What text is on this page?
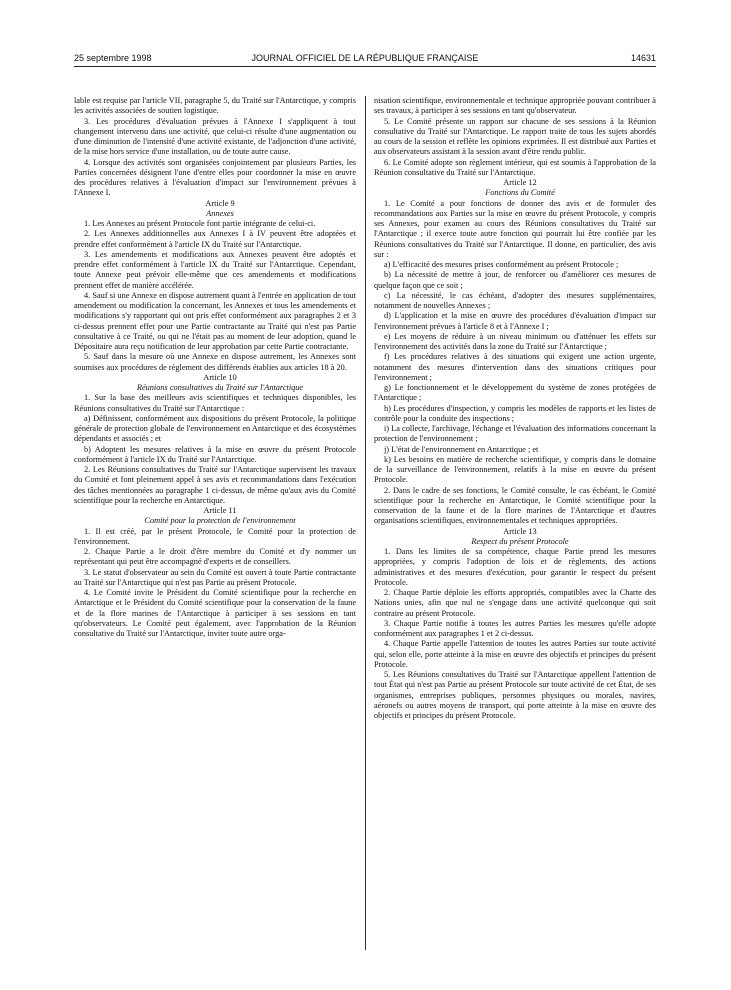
25 septembre 1998	JOURNAL OFFICIEL DE LA RÉPUBLIQUE FRANÇAISE	14631

lable est requise par l'article VII, paragraphe 5, du Traité sur l'Antarctique, y compris les activités associées de soutien logistique.

3. Les procédures d'évaluation prévues à l'Annexe I s'appliquent à tout changement intervenu dans une activité, que celui-ci résulte d'une augmentation ou d'une diminution de l'intensité d'une activité existante, de l'adjonction d'une activité, de la mise hors service d'une installation, ou de toute autre cause.

4. Lorsque des activités sont organisées conjointement par plusieurs Parties, les Parties concernées désignent l'une d'entre elles pour coordonner la mise en œuvre des procédures relatives à l'évaluation d'impact sur l'environnement prévues à l'Annexe I.

Article 9

Annexes

1. Les Annexes au présent Protocole font partie intégrante de celui-ci.

2. Les Annexes additionnelles aux Annexes I à IV peuvent être adoptées et prendre effet conformément à l'article IX du Traité sur l'Antarctique.

3. Les amendements et modifications aux Annexes peuvent être adoptés et prendre effet conformément à l'article IX du Traité sur l'Antarctique. Cependant, toute Annexe peut prévoir elle-même que ces amendements et modifications prennent effet de manière accélérée.

4. Sauf si une Annexe en dispose autrement quant à l'entrée en application de tout amendement ou modification la concernant, les Annexes et tous les amendements et modifications s'y rapportant qui ont pris effet conformément aux paragraphes 2 et 3 ci-dessus prennent effet pour une Partie contractante au Traité qui n'est pas Partie consultative à ce Traité, ou qui ne l'était pas au moment de leur adoption, quand le Dépositaire aura reçu notification de leur approbation par cette Partie contractante.

5. Sauf dans la mesure où une Annexe en dispose autrement, les Annexes sont soumises aux procédures de règlement des différends établies aux articles 18 à 20.

Article 10

Réunions consultatives du Traité sur l'Antarctique

1. Sur la base des meilleurs avis scientifiques et techniques disponibles, les Réunions consultatives du Traité sur l'Antarctique :

a) Définissent, conformément aux dispositions du présent Protocole, la politique générale de protection globale de l'environnement en Antarctique et des écosystèmes dépendants et associés ; et

b) Adoptent les mesures relatives à la mise en œuvre du présent Protocole conformément à l'article IX du Traité sur l'Antarctique.

2. Les Réunions consultatives du Traité sur l'Antarctique supervisent les travaux du Comité et font pleinement appel à ses avis et recommandations dans l'exécution des tâches mentionnées au paragraphe 1 ci-dessus, de même qu'aux avis du Comité scientifique pour la recherche en Antarctique.

Article 11

Comité pour la protection de l'environnement

1. Il est créé, par le présent Protocole, le Comité pour la protection de l'environnement.

2. Chaque Partie a le droit d'être membre du Comité et d'y nommer un représentant qui peut être accompagné d'experts et de conseillers.

3. Le statut d'observateur au sein du Comité est ouvert à toute Partie contractante au Traité sur l'Antarctique qui n'est pas Partie au présent Protocole.

4. Le Comité invite le Président du Comité scientifique pour la recherche en Antarctique et le Président du Comité scientifique pour la conservation de la faune et de la flore marines de l'Antarctique à participer à ses sessions en tant qu'observateurs. Le Comité peut également, avec l'approbation de la Réunion consultative du Traité sur l'Antarctique, inviter toute autre orga-

nisation scientifique, environnementale et technique appropriée pouvant contribuer à ses travaux, à participer à ses sessions en tant qu'observateur.

5. Le Comité présente un rapport sur chacune de ses sessions à la Réunion consultative du Traité sur l'Antarctique. Le rapport traite de tous les sujets abordés au cours de la session et reflète les opinions exprimées. Il est distribué aux Parties et aux observateurs assistant à la session avant d'être rendu public.

6. Le Comité adopte son règlement intérieur, qui est soumis à l'approbation de la Réunion consultative du Traité sur l'Antarctique.

Article 12

Fonctions du Comité

1. Le Comité a pour fonctions de donner des avis et de formuler des recommandations aux Parties sur la mise en œuvre du présent Protocole, y compris ses Annexes, pour examen au cours des Réunions consultatives du Traité sur l'Antarctique ; il exerce toute autre fonction qui pourrait lui être confiée par les Réunions consultatives du Traité sur l'Antarctique. Il donne, en particulier, des avis sur :

a) L'efficacité des mesures prises conformément au présent Protocole ;

b) La nécessité de mettre à jour, de renforcer ou d'améliorer ces mesures de quelque façon que ce soit ;

c) La nécessité, le cas échéant, d'adopter des mesures supplémentaires, notamment de nouvelles Annexes ;

d) L'application et la mise en œuvre des procédures d'évaluation d'impact sur l'environnement prévues à l'article 8 et à l'Annexe I ;

e) Les moyens de réduire à un niveau minimum ou d'atténuer les effets sur l'environnement des activités dans la zone du Traité sur l'Antarctique ;

f) Les procédures relatives à des situations qui exigent une action urgente, notamment des mesures d'intervention dans des situations critiques pour l'environnement ;

g) Le fonctionnement et le développement du système de zones protégées de l'Antarctique ;

h) Les procédures d'inspection, y compris les modèles de rapports et les listes de contrôle pour la conduite des inspections ;

i) La collecte, l'archivage, l'échange et l'évaluation des informations concernant la protection de l'environnement ;

j) L'état de l'environnement en Antarctique ; et

k) Les besoins en matière de recherche scientifique, y compris dans le domaine de la surveillance de l'environnement, relatifs à la mise en œuvre du présent Protocole.

2. Dans le cadre de ses fonctions, le Comité consulte, le cas échéant, le Comité scientifique pour la recherche en Antarctique, le Comité scientifique pour la conservation de la faune et de la flore marines de l'Antarctique et d'autres organisations scientifiques, environnementales et techniques appropriées.

Article 13

Respect du présent Protocole

1. Dans les limites de sa compétence, chaque Partie prend les mesures appropriées, y compris l'adoption de lois et de règlements, des actions administratives et des mesures d'exécution, pour garantir le respect du présent Protocole.

2. Chaque Partie déploie les efforts appropriés, compatibles avec la Charte des Nations unies, afin que nul ne s'engage dans une activité quelconque qui soit contraire au présent Protocole.

3. Chaque Partie notifie à toutes les autres Parties les mesures qu'elle adopte conformément aux paragraphes 1 et 2 ci-dessus.

4. Chaque Partie appelle l'attention de toutes les autres Parties sur toute activité qui, selon elle, porte atteinte à la mise en œuvre des objectifs et principes du présent Protocole.

5. Les Réunions consultatives du Traité sur l'Antarctique appellent l'attention de tout État qui n'est pas Partie au présent Protocole sur toute activité de cet État, de ses organismes, entreprises publiques, personnes physiques ou morales, navires, aéronefs ou autres moyens de transport, qui porte atteinte à la mise en œuvre des objectifs et principes du présent Protocole.
